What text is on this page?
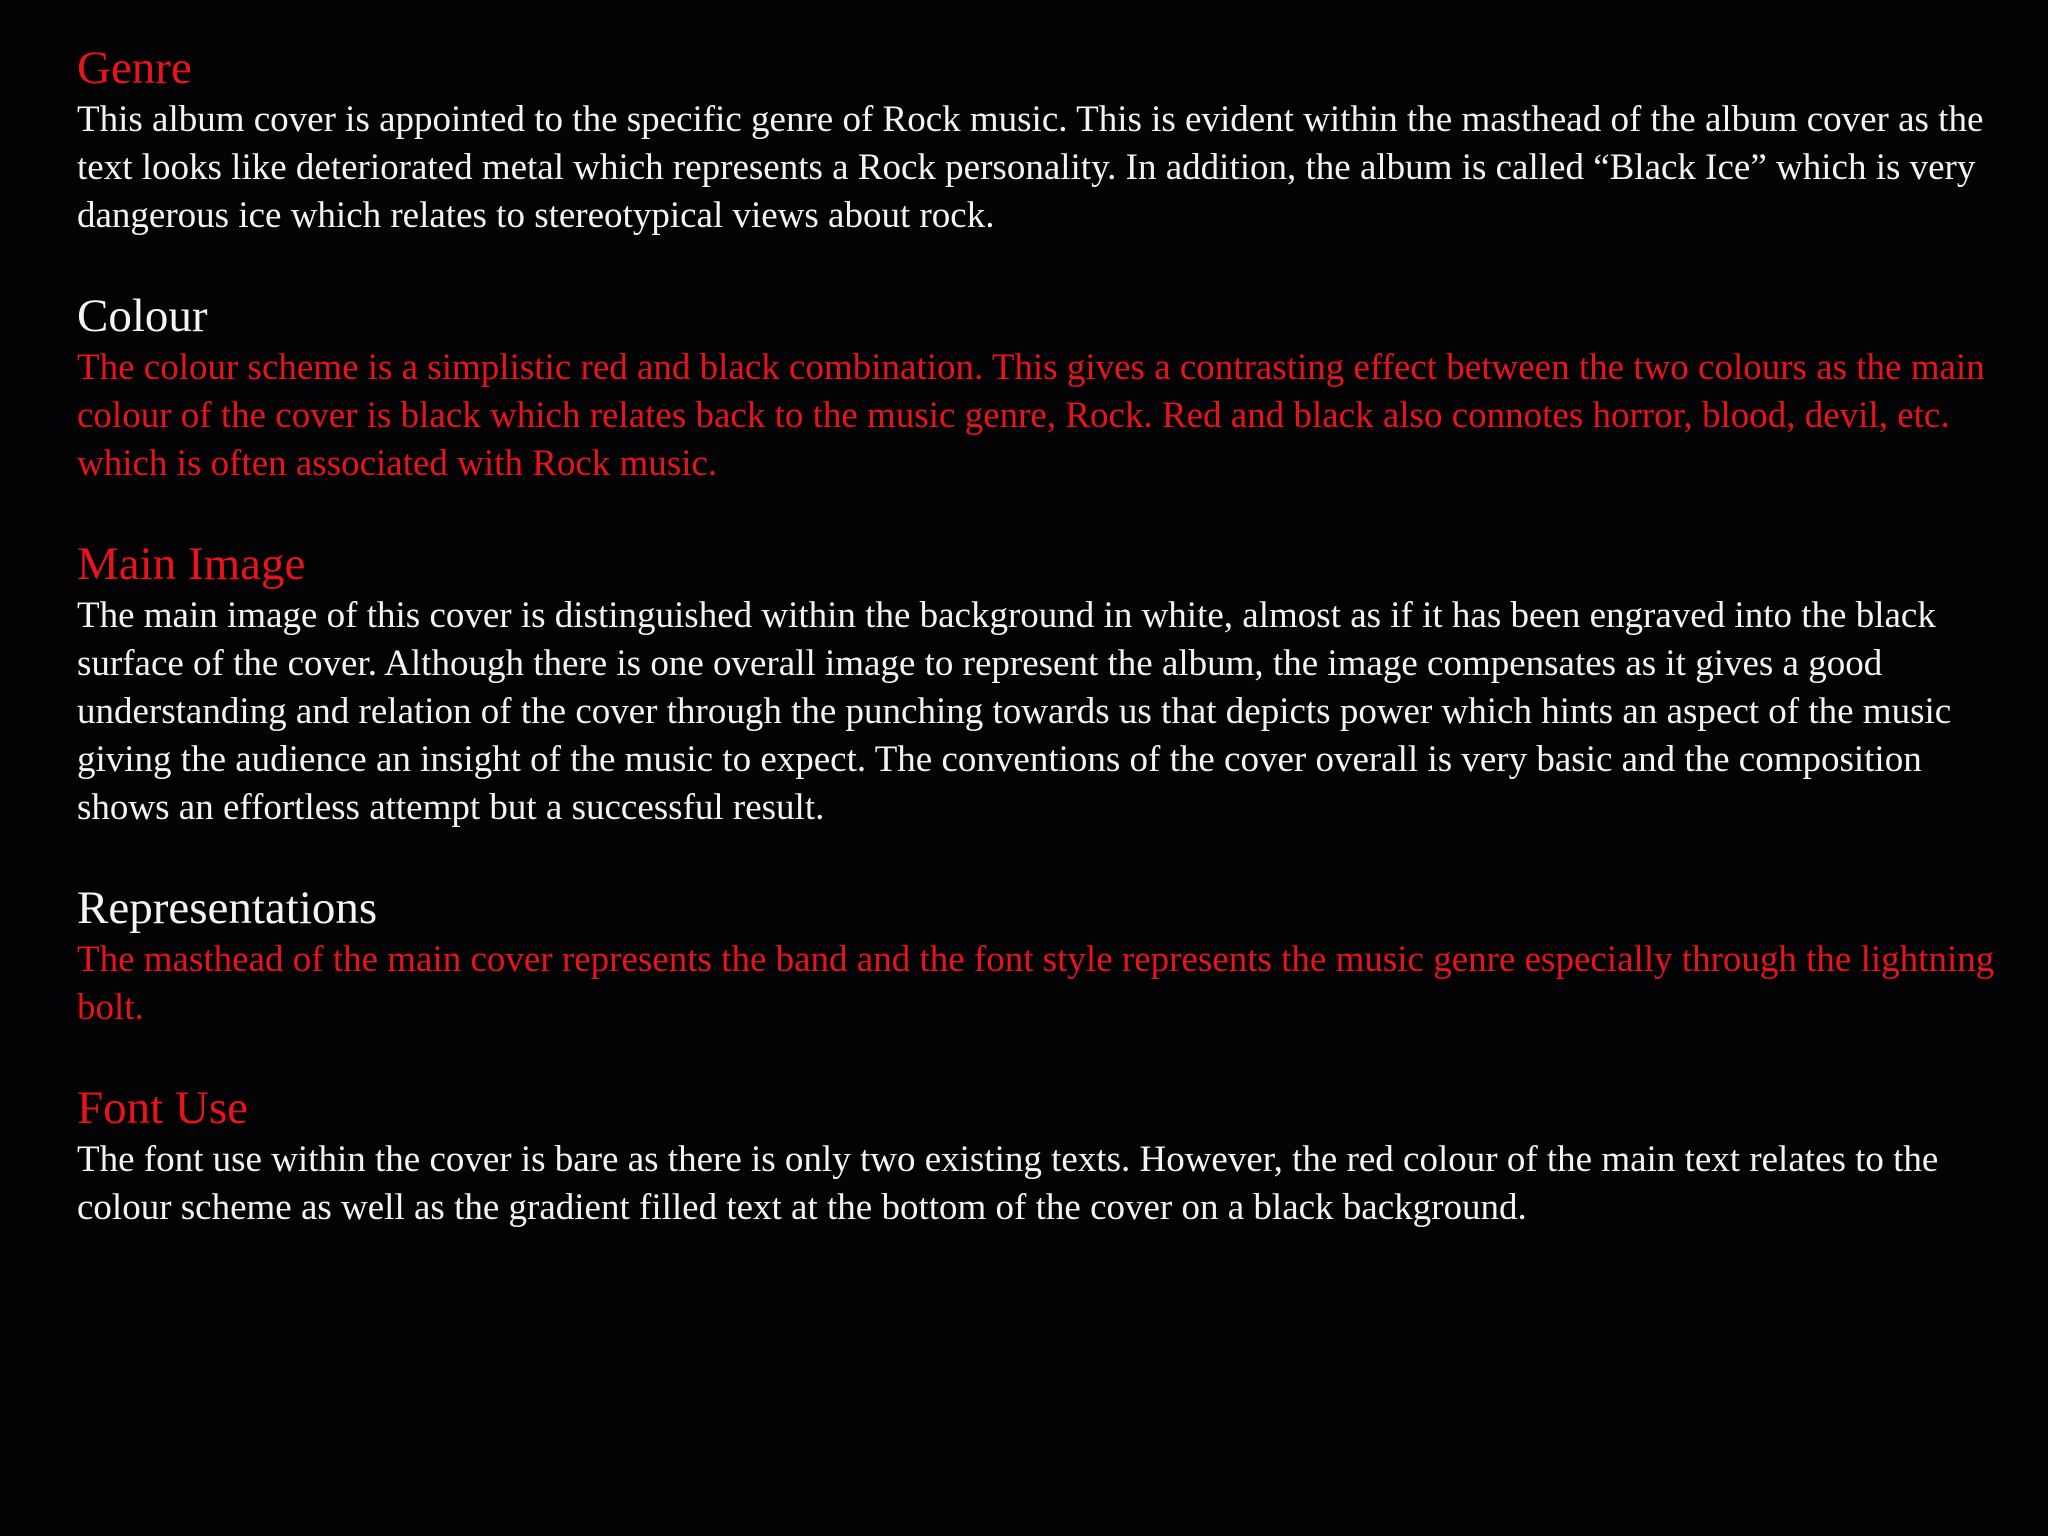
Genre

This album cover is appointed to the specific genre of Rock music. This is evident within the masthead of the album cover as the text looks like deteriorated metal which represents a Rock personality. In addition, the album is called “Black Ice” which is very dangerous ice which relates to stereotypical views about rock.

Colour

The colour scheme is a simplistic red and black combination. This gives a contrasting effect between the two colours as the main colour of the cover is black which relates back to the music genre, Rock. Red and black also connotes horror, blood, devil, etc. which is often associated with Rock music.

Main Image

The main image of this cover is distinguished within the background in white, almost as if it has been engraved into the black surface of the cover. Although there is one overall image to represent the album, the image compensates as it gives a good understanding and relation of the cover through the punching towards us that depicts power which hints an aspect of the music giving the audience an insight of the music to expect. The conventions of the cover overall is very basic and the composition shows an effortless attempt but a successful result.

Representations

The masthead of the main cover represents the band and the font style represents the music genre especially through the lightning bolt.

Font Use

The font use within the cover is bare as there is only two existing texts. However, the red colour of the main text relates to the colour scheme as well as the gradient filled text at the bottom of the cover on a black background.
